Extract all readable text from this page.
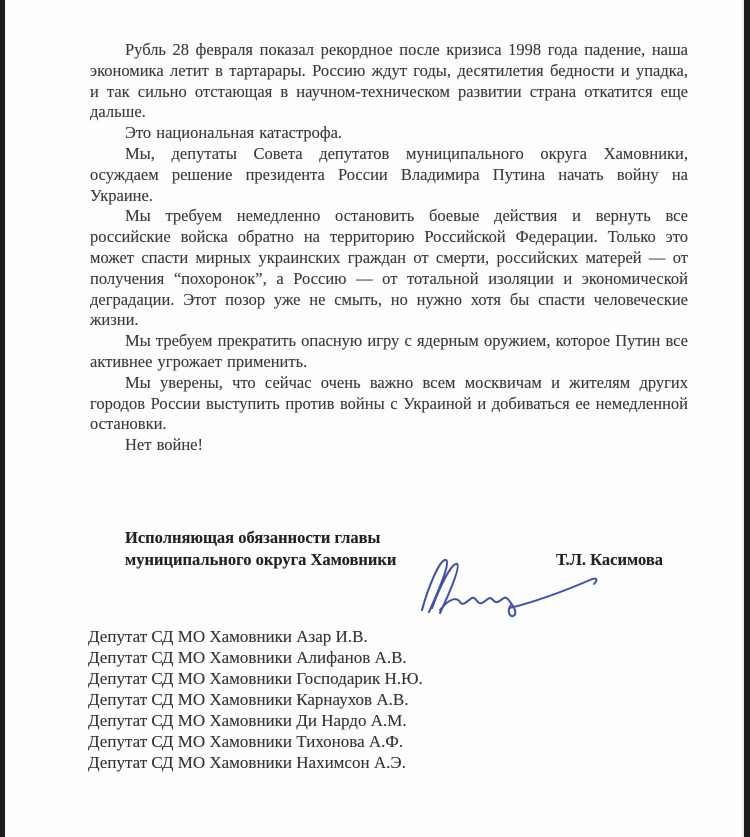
Рубль 28 февраля показал рекордное после кризиса 1998 года падение, наша экономика летит в тартарары. Россию ждут годы, десятилетия бедности и упадка, и так сильно отстающая в научном-техническом развитии страна откатится еще дальше.

Это национальная катастрофа.

Мы, депутаты Совета депутатов муниципального округа Хамовники, осуждаем решение президента России Владимира Путина начать войну на Украине.

Мы требуем немедленно остановить боевые действия и вернуть все российские войска обратно на территорию Российской Федерации. Только это может спасти мирных украинских граждан от смерти, российских матерей — от получения “похоронок”, а Россию — от тотальной изоляции и экономической деградации. Этот позор уже не смыть, но нужно хотя бы спасти человеческие жизни.

Мы требуем прекратить опасную игру с ядерным оружием, которое Путин все активнее угрожает применить.

Мы уверены, что сейчас очень важно всем москвичам и жителям других городов России выступить против войны с Украиной и добиваться ее немедленной остановки.

Нет войне!

Исполняющая обязанности главы
муниципального округа Хамовники	Т.Л. Касимова
Депутат СД МО Хамовники Азар И.В.
Депутат СД МО Хамовники Алифанов А.В.
Депутат СД МО Хамовники Господарик Н.Ю.
Депутат СД МО Хамовники Карнаухов А.В.
Депутат СД МО Хамовники Ди Нардо А.М.
Депутат СД МО Хамовники Тихонова А.Ф.
Депутат СД МО Хамовники Нахимсон А.Э.
